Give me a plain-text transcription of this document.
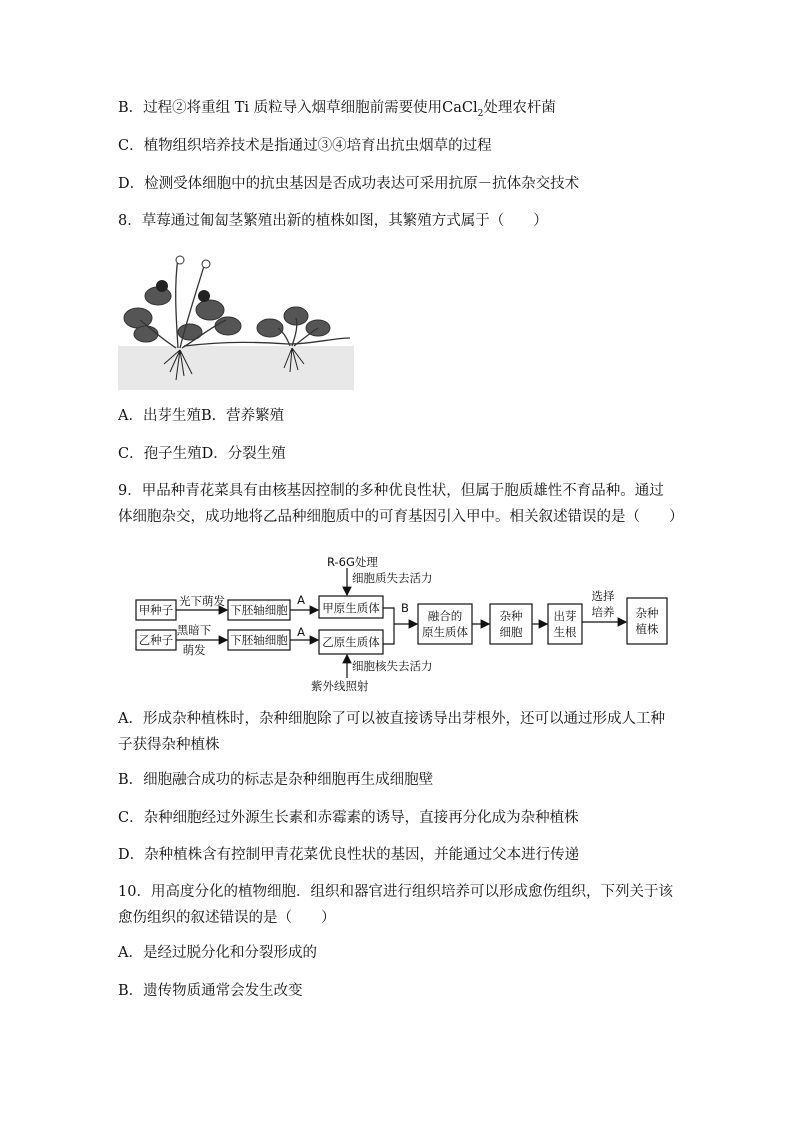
B．过程②将重组 Ti 质粒导入烟草细胞前需要使用CaCl$_2$处理农杆菌
C．植物组织培养技术是指通过③④培育出抗虫烟草的过程
D．检测受体细胞中的抗虫基因是否成功表达可采用抗原－抗体杂交技术
8．草莓通过匍匐茎繁殖出新的植株如图，其繁殖方式属于（　　）
A．出芽生殖B．营养繁殖
C．孢子生殖D．分裂生殖
9．甲品种青花菜具有由核基因控制的多种优良性状，但属于胞质雄性不育品种。通过体细胞杂交，成功地将乙品种细胞质中的可育基因引入甲中。相关叙述错误的是（　　）
甲种子
乙种子
光下萌发
黑暗下
萌发
下胚轴细胞
下胚轴细胞
A
A
B
甲原生质体
乙原生质体
R-6G处理
细胞质失去活力
细胞核失去活力
紫外线照射
融合的
原生质体
杂种
细胞
出芽
生根
选择
培养 杂种
植株
A．形成杂种植株时，杂种细胞除了可以被直接诱导出芽根外，还可以通过形成人工种子获得杂种植株
B．细胞融合成功的标志是杂种细胞再生成细胞壁
C．杂种细胞经过外源生长素和赤霉素的诱导，直接再分化成为杂种植株
D．杂种植株含有控制甲青花菜优良性状的基因，并能通过父本进行传递
10．用高度分化的植物细胞．组织和器官进行组织培养可以形成愈伤组织，下列关于该愈伤组织的叙述错误的是（　　）
A．是经过脱分化和分裂形成的
B．遗传物质通常会发生改变
